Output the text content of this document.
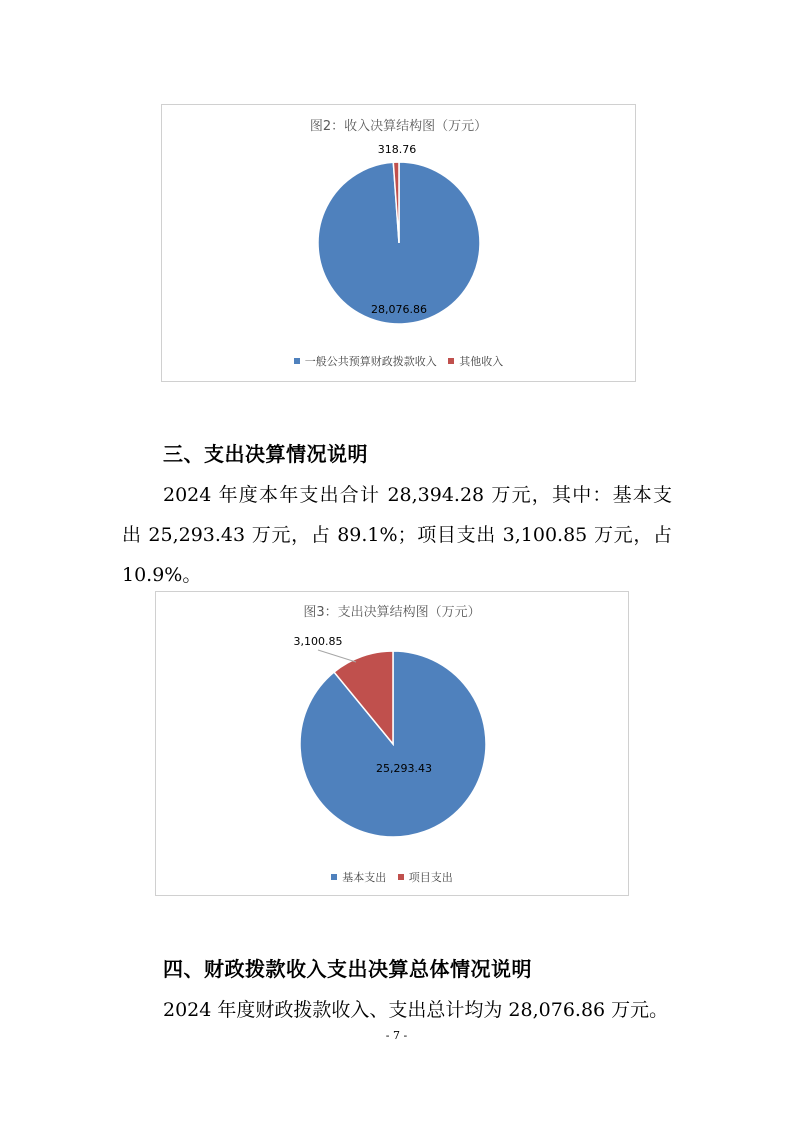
图2：收入决算结构图（万元）
28,076.86
318.76
一般公共预算财政拨款收入 其他收入
三、支出决算情况说明
2024 年度本年支出合计 28,394.28 万元，其中：基本支
出 25,293.43 万元，占 89.1%；项目支出 3,100.85 万元，占
10.9%。
图3：支出决算结构图（万元）
25,293.43
3,100.85
基本支出 项目支出
四、财政拨款收入支出决算总体情况说明
2024 年度财政拨款收入、支出总计均为 28,076.86 万元。
- 7 -
